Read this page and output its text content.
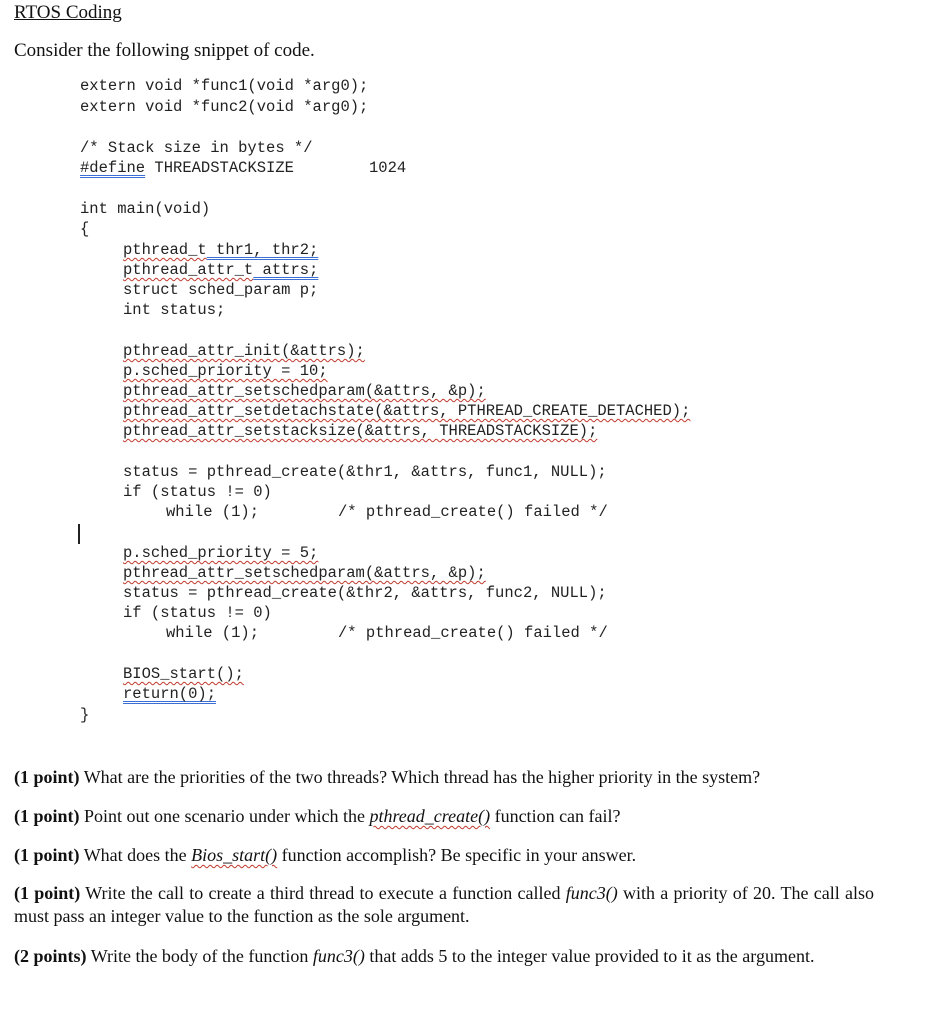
RTOS Coding
Consider the following snippet of code.
extern void *func1(void *arg0);
extern void *func2(void *arg0);
/* Stack size in bytes */
#define THREADSTACKSIZE	1024
int main(void)
{
pthread_t thr1, thr2;
pthread_attr_t attrs;
struct sched_param p;
int status;
pthread_attr_init(&attrs);
p.sched_priority = 10;
pthread_attr_setschedparam(&attrs, &p);
pthread_attr_setdetachstate(&attrs, PTHREAD_CREATE_DETACHED);
pthread_attr_setstacksize(&attrs, THREADSTACKSIZE);
status = pthread_create(&thr1, &attrs, func1, NULL);
if (status != 0)
while (1);	/* pthread_create() failed */
p.sched_priority = 5;
pthread_attr_setschedparam(&attrs, &p);
status = pthread_create(&thr2, &attrs, func2, NULL);
if (status != 0)
while (1);	/* pthread_create() failed */
BIOS_start();
return(0);
}
(1 point) What are the priorities of the two threads? Which thread has the higher priority in the system?
(1 point) Point out one scenario under which the pthread_create() function can fail?
(1 point) What does the Bios_start() function accomplish? Be specific in your answer.
(1 point) Write the call to create a third thread to execute a function called func3() with a priority of 20. The call also must pass an integer value to the function as the sole argument.
(2 points) Write the body of the function func3() that adds 5 to the integer value provided to it as the argument.
